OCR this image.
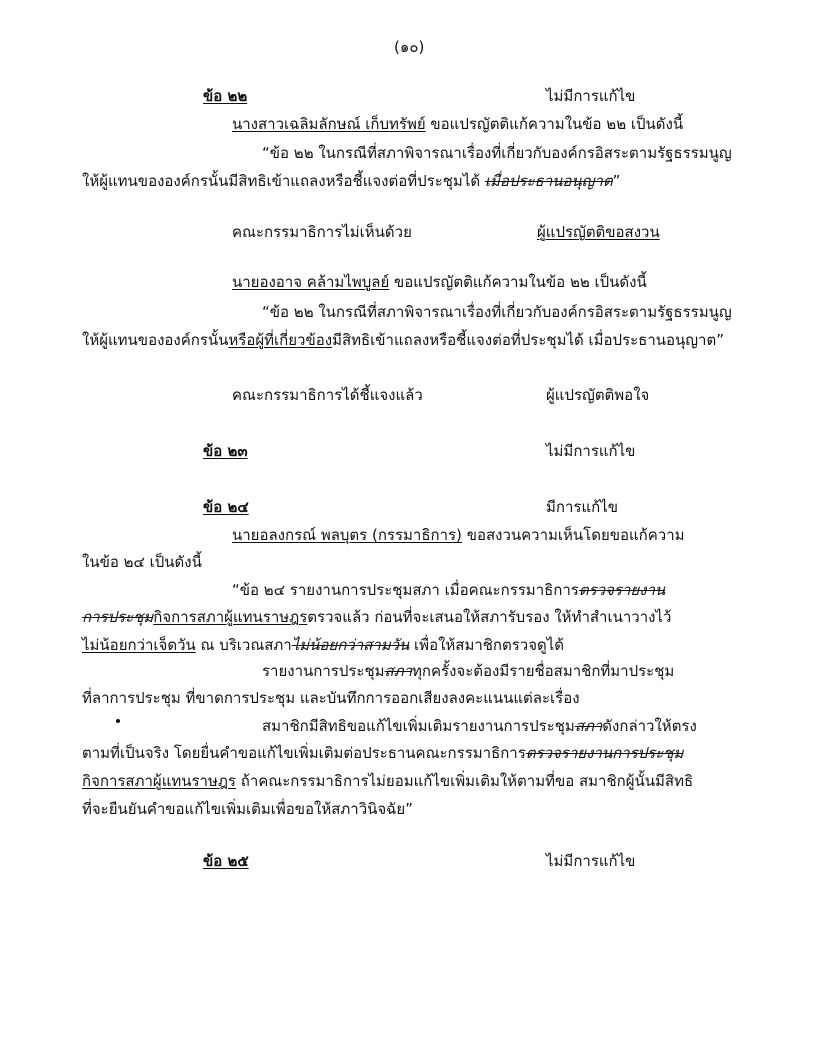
(๑๐)
ข้อ ๒๒	ไม่มีการแก้ไข
นางสาวเฉลิมลักษณ์ เก็บทรัพย์ ขอแปรญัตติแก้ความในข้อ ๒๒ เป็นดังนี้
“ข้อ ๒๒ ในกรณีที่สภาพิจารณาเรื่องที่เกี่ยวกับองค์กรอิสระตามรัฐธรรมนูญ
ให้ผู้แทนขององค์กรนั้นมีสิทธิเข้าแถลงหรือชี้แจงต่อที่ประชุมได้ เมื่อประธานอนุญาต”
คณะกรรมาธิการไม่เห็นด้วย	ผู้แปรญัตติขอสงวน
นายองอาจ คล้ามไพบูลย์ ขอแปรญัตติแก้ความในข้อ ๒๒ เป็นดังนี้
“ข้อ ๒๒ ในกรณีที่สภาพิจารณาเรื่องที่เกี่ยวกับองค์กรอิสระตามรัฐธรรมนูญ
ให้ผู้แทนขององค์กรนั้นหรือผู้ที่เกี่ยวข้องมีสิทธิเข้าแถลงหรือชี้แจงต่อที่ประชุมได้ เมื่อประธานอนุญาต”
คณะกรรมาธิการได้ชี้แจงแล้ว	ผู้แปรญัตติพอใจ
ข้อ ๒๓	ไม่มีการแก้ไข
ข้อ ๒๔	มีการแก้ไข
นายอลงกรณ์ พลบุตร (กรรมาธิการ) ขอสงวนความเห็นโดยขอแก้ความ
ในข้อ ๒๔ เป็นดังนี้
“ข้อ ๒๔ รายงานการประชุมสภา เมื่อคณะกรรมาธิการตรวจรายงาน
การประชุมกิจการสภาผู้แทนราษฎรตรวจแล้ว ก่อนที่จะเสนอให้สภารับรอง ให้ทำสำเนาวางไว้
ไม่น้อยกว่าเจ็ดวัน ณ บริเวณสภาไม่น้อยกว่าสามวัน เพื่อให้สมาชิกตรวจดูได้
รายงานการประชุมสภาทุกครั้งจะต้องมีรายชื่อสมาชิกที่มาประชุม
ที่ลาการประชุม ที่ขาดการประชุม และบันทึกการออกเสียงลงคะแนนแต่ละเรื่อง
สมาชิกมีสิทธิขอแก้ไขเพิ่มเติมรายงานการประชุมสภาดังกล่าวให้ตรง
ตามที่เป็นจริง โดยยื่นคำขอแก้ไขเพิ่มเติมต่อประธานคณะกรรมาธิการตรวจรายงานการประชุม
กิจการสภาผู้แทนราษฎร ถ้าคณะกรรมาธิการไม่ยอมแก้ไขเพิ่มเติมให้ตามที่ขอ สมาชิกผู้นั้นมีสิทธิ
ที่จะยืนยันคำขอแก้ไขเพิ่มเติมเพื่อขอให้สภาวินิจฉัย”
ข้อ ๒๕	ไม่มีการแก้ไข
